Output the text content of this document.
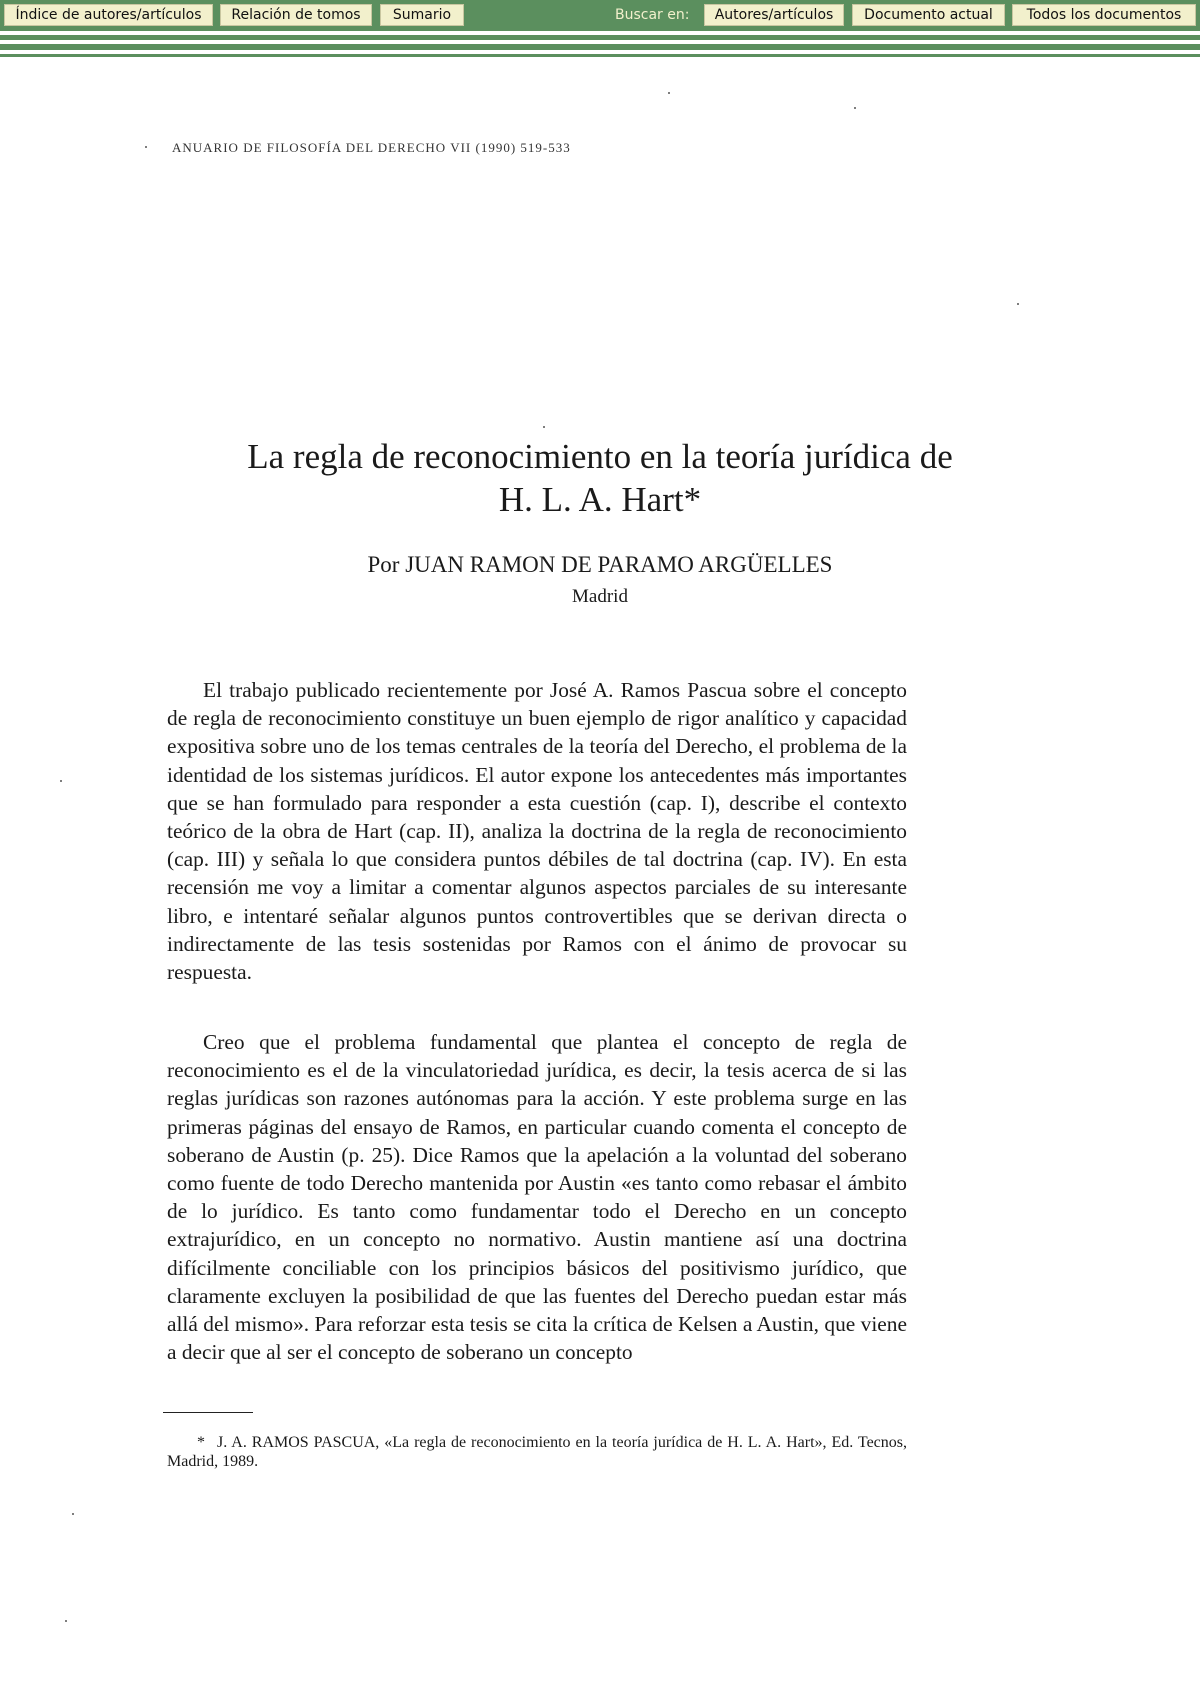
Índice de autores/artículos	Relación de tomos	Sumario	Buscar en:	Autores/artículos	Documento actual	Todos los documentos
ANUARIO DE FILOSOFÍA DEL DERECHO VII (1990) 519-533
La regla de reconocimiento en la teoría jurídica de
H. L. A. Hart*
Por JUAN RAMON DE PARAMO ARGÜELLES
Madrid

El trabajo publicado recientemente por José A. Ramos Pascua sobre el concepto de regla de reconocimiento constituye un buen ejemplo de rigor analítico y capacidad expositiva sobre uno de los temas centrales de la teoría del Derecho, el problema de la identidad de los sistemas jurídicos. El autor expone los antecedentes más importantes que se han formulado para responder a esta cuestión (cap. I), describe el contexto teórico de la obra de Hart (cap. II), analiza la doctrina de la regla de reconocimiento (cap. III) y señala lo que considera puntos débiles de tal doctrina (cap. IV). En esta recensión me voy a limitar a comentar algunos aspectos parciales de su interesante libro, e intentaré señalar algunos puntos controvertibles que se derivan directa o indirectamente de las tesis sostenidas por Ramos con el ánimo de provocar su respuesta.

Creo que el problema fundamental que plantea el concepto de regla de reconocimiento es el de la vinculatoriedad jurídica, es decir, la tesis acerca de si las reglas jurídicas son razones autónomas para la acción. Y este problema surge en las primeras páginas del ensayo de Ramos, en particular cuando comenta el concepto de soberano de Austin (p. 25). Dice Ramos que la apelación a la voluntad del soberano como fuente de todo Derecho mantenida por Austin «es tanto como rebasar el ámbito de lo jurídico. Es tanto como fundamentar todo el Derecho en un concepto extrajurídico, en un concepto no normativo. Austin mantiene así una doctrina difícilmente conciliable con los principios básicos del positivismo jurídico, que claramente excluyen la posibilidad de que las fuentes del Derecho puedan estar más allá del mismo». Para reforzar esta tesis se cita la crítica de Kelsen a Austin, que viene a decir que al ser el concepto de soberano un concepto

* J. A. RAMOS PASCUA, «La regla de reconocimiento en la teoría jurídica de H. L. A. Hart», Ed. Tecnos, Madrid, 1989.
